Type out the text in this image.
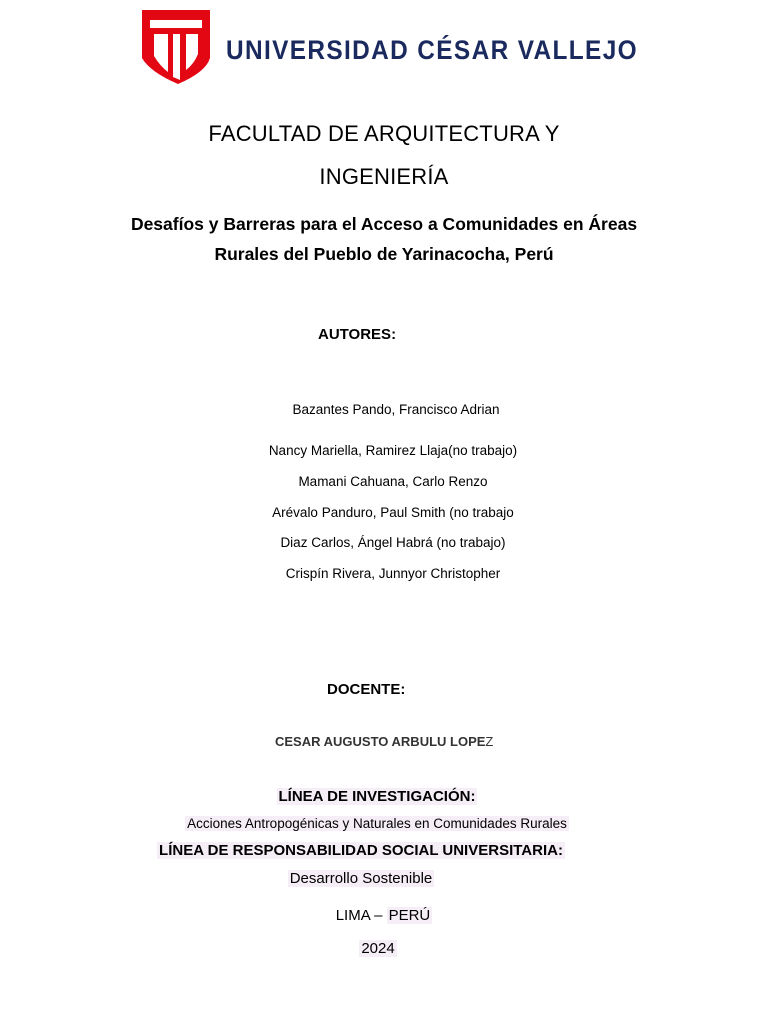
UNIVERSIDAD CÉSAR VALLEJO
FACULTAD DE ARQUITECTURA Y
INGENIERÍA
Desafíos y Barreras para el Acceso a Comunidades en Áreas
Rurales del Pueblo de Yarinacocha, Perú
AUTORES:
Bazantes Pando, Francisco Adrian
Nancy Mariella, Ramirez Llaja(no trabajo)
Mamani Cahuana, Carlo Renzo
Arévalo Panduro, Paul Smith (no trabajo
Diaz Carlos, Ángel Habrá (no trabajo)
Crispín Rivera, Junnyor Christopher
DOCENTE:
CESAR AUGUSTO ARBULU LOPEZ
LÍNEA DE INVESTIGACIÓN:
Acciones Antropogénicas y Naturales en Comunidades Rurales
LÍNEA DE RESPONSABILIDAD SOCIAL UNIVERSITARIA:
Desarrollo Sostenible
LIMA – PERÚ
2024
